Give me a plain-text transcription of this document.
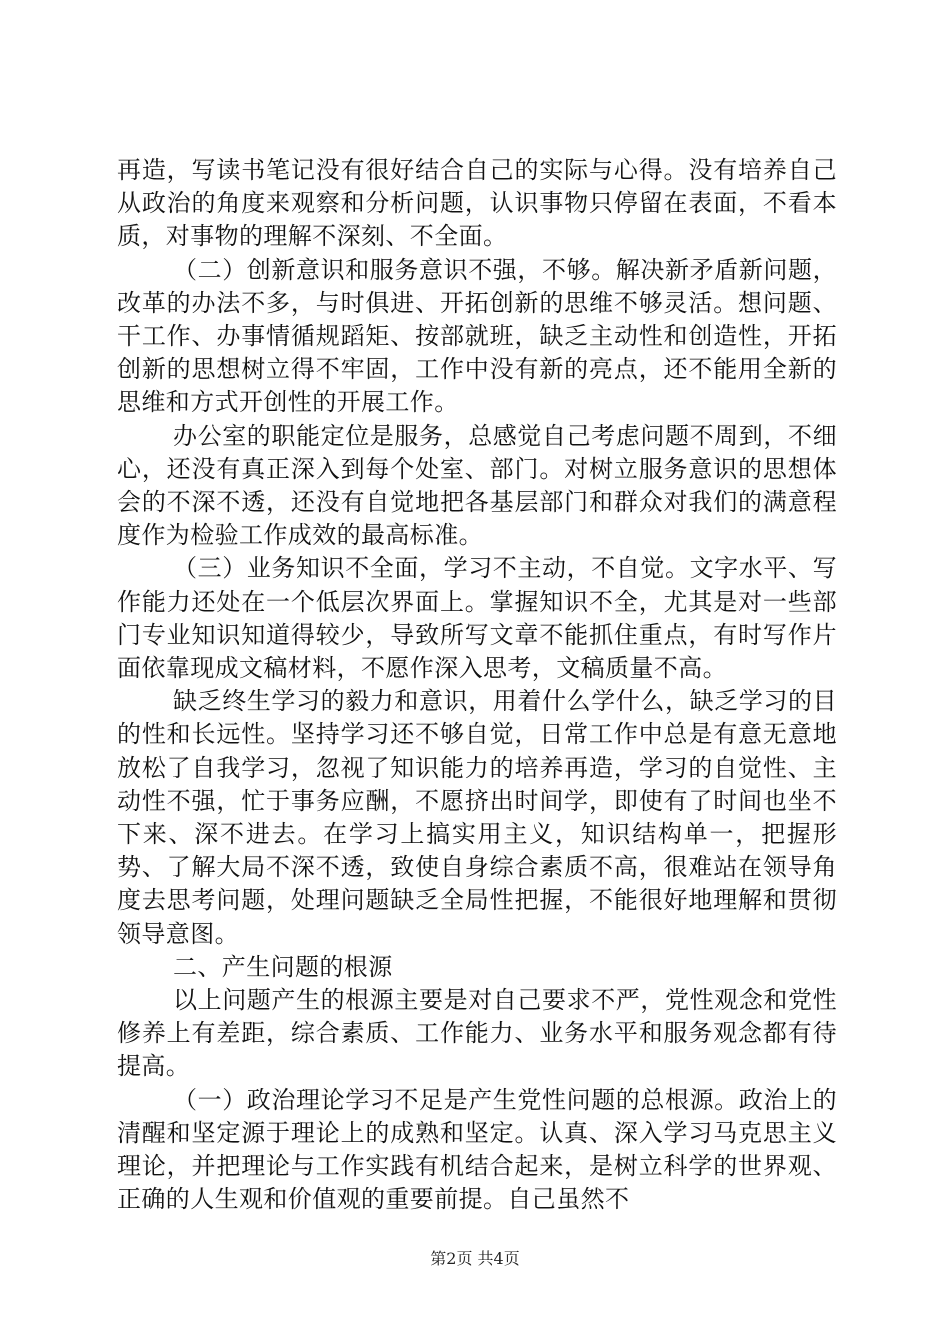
再造，写读书笔记没有很好结合自己的实际与心得。没有培养自己从政治的角度来观察和分析问题，认识事物只停留在表面，不看本质，对事物的理解不深刻、不全面。

（二）创新意识和服务意识不强，不够。解决新矛盾新问题，改革的办法不多，与时俱进、开拓创新的思维不够灵活。想问题、干工作、办事情循规蹈矩、按部就班，缺乏主动性和创造性，开拓创新的思想树立得不牢固，工作中没有新的亮点，还不能用全新的思维和方式开创性的开展工作。

办公室的职能定位是服务，总感觉自己考虑问题不周到，不细心，还没有真正深入到每个处室、部门。对树立服务意识的思想体会的不深不透，还没有自觉地把各基层部门和群众对我们的满意程度作为检验工作成效的最高标准。

（三）业务知识不全面，学习不主动，不自觉。文字水平、写作能力还处在一个低层次界面上。掌握知识不全，尤其是对一些部门专业知识知道得较少，导致所写文章不能抓住重点，有时写作片面依靠现成文稿材料，不愿作深入思考，文稿质量不高。

缺乏终生学习的毅力和意识，用着什么学什么，缺乏学习的目的性和长远性。坚持学习还不够自觉，日常工作中总是有意无意地放松了自我学习，忽视了知识能力的培养再造，学习的自觉性、主动性不强，忙于事务应酬，不愿挤出时间学，即使有了时间也坐不下来、深不进去。在学习上搞实用主义，知识结构单一，把握形势、了解大局不深不透，致使自身综合素质不高，很难站在领导角度去思考问题，处理问题缺乏全局性把握，不能很好地理解和贯彻领导意图。

二、产生问题的根源

以上问题产生的根源主要是对自己要求不严，党性观念和党性修养上有差距，综合素质、工作能力、业务水平和服务观念都有待提高。

（一）政治理论学习不足是产生党性问题的总根源。政治上的清醒和坚定源于理论上的成熟和坚定。认真、深入学习马克思主义理论，并把理论与工作实践有机结合起来，是树立科学的世界观、正确的人生观和价值观的重要前提。自己虽然不

第2页 共4页
